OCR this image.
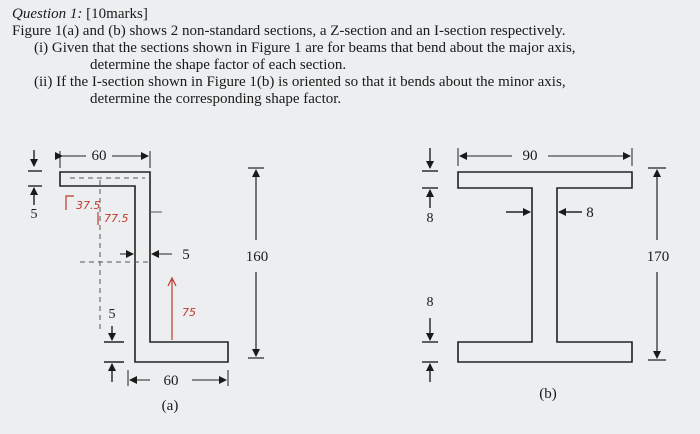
Question 1: [10marks]
Figure 1(a) and (b) shows 2 non-standard sections, a Z-section and an I-section respectively.
(i) Given that the sections shown in Figure 1 are for beams that bend about the major axis,
determine the shape factor of each section.
(ii) If the I-section shown in Figure 1(b) is oriented so that it bends about the minor axis,
determine the corresponding shape factor.
60
5
5
5
60
160
37.5
77.5
75
(a)
90
8	8
8
170
(b)
